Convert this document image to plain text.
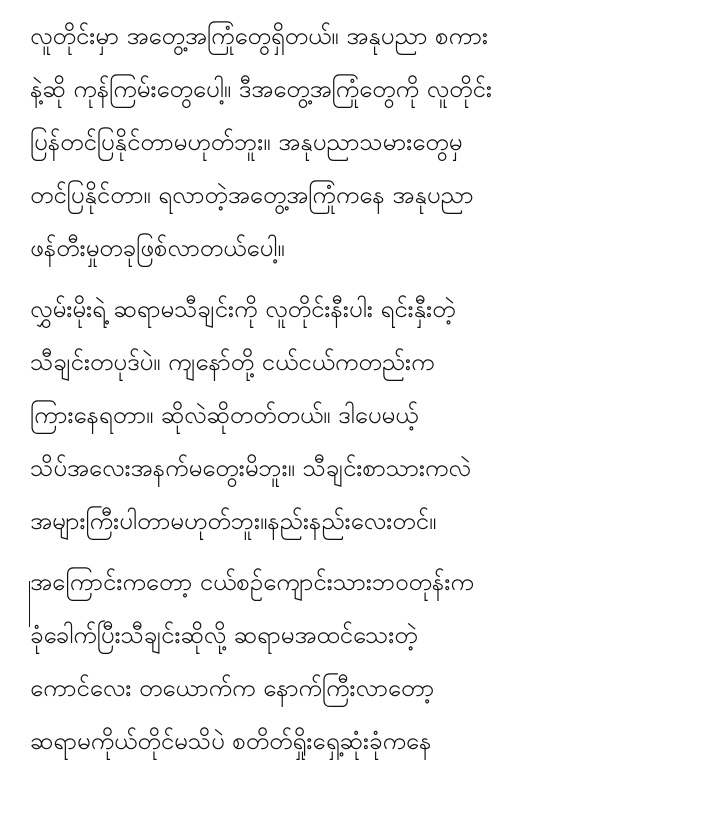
လူတိုင်းမှာ အတွေ့အကြုံတွေရှိတယ်။ အနုပညာ စကား
နဲ့ဆို ကုန်ကြမ်းတွေပေါ့။ ဒီအတွေ့အကြုံတွေကို လူတိုင်း
ပြန်တင်ပြနိုင်တာမဟုတ်ဘူး။ အနုပညာသမားတွေမှ
တင်ပြနိုင်တာ။ ရလာတဲ့အတွေ့အကြုံကနေ အနုပညာ
ဖန်တီးမှုတခုဖြစ်လာတယ်ပေါ့။
လွှမ်းမိုးရဲ့ ဆရာမသီချင်းကို လူတိုင်းနီးပါး ရင်းနှီးတဲ့
သီချင်းတပုဒ်ပဲ။ ကျနော်တို့ ငယ်ငယ်ကတည်းက
ကြားနေရတာ။ ဆိုလဲဆိုတတ်တယ်။ ဒါပေမယ့်
သိပ်အလေးအနက်မတွေးမိဘူး။ သီချင်းစာသားကလဲ
အများကြီးပါတာမဟုတ်ဘူး။နည်းနည်းလေးတင်။
အကြောင်းကတော့ ငယ်စဉ်ကျောင်းသားဘဝတုန်းက
ခုံခေါက်ပြီးသီချင်းဆိုလို့ ဆရာမအထင်သေးတဲ့
ကောင်လေး တယောက်က နောက်ကြီးလာတော့
ဆရာမကိုယ်တိုင်မသိပဲ စတိတ်ရှိုးရှေ့ဆုံးခုံကနေ
